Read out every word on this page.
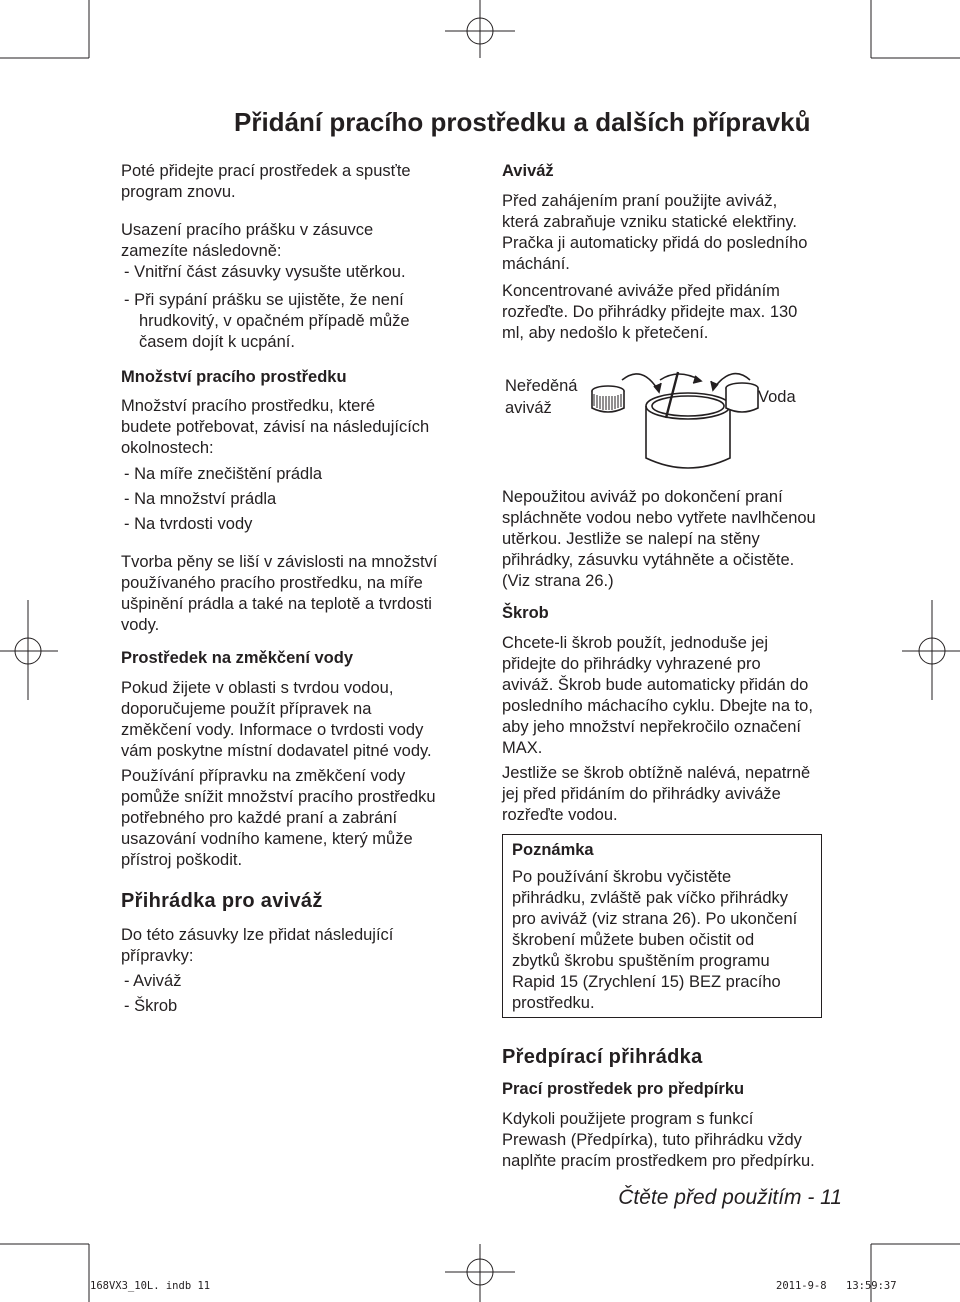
Přidání pracího prostředku a dalších přípravků
Neředěná
aviváž
Voda
Čtěte před použitím - 11
168VX3_10L. indb 11	2011-9-8 13:59:37
Poté přidejte prací prostředek a spusťte
program znovu.
Usazení pracího prášku v zásuvce
zamezíte následovně:
- Vnitřní část zásuvky vysušte utěrkou.
- Při sypání prášku se ujistěte, že není
hrudkovitý, v opačném případě může
časem dojít k ucpání.
Množství pracího prostředku
Množství pracího prostředku, které
budete potřebovat, závisí na následujících
okolnostech:
- Na míře znečištění prádla
- Na množství prádla
- Na tvrdosti vody
Tvorba pěny se liší v závislosti na množství
používaného pracího prostředku, na míře
ušpinění prádla a také na teplotě a tvrdosti
vody.
Prostředek na změkčení vody
Pokud žijete v oblasti s tvrdou vodou,
doporučujeme použít přípravek na
změkčení vody. Informace o tvrdosti vody
vám poskytne místní dodavatel pitné vody.
Používání přípravku na změkčení vody
pomůže snížit množství pracího prostředku
potřebného pro každé praní a zabrání
usazování vodního kamene, který může
přístroj poškodit.
Přihrádka pro aviváž
Do této zásuvky lze přidat následující
přípravky:
- Aviváž
- Škrob
Aviváž
Před zahájením praní použijte aviváž,
která zabraňuje vzniku statické elektřiny.
Pračka ji automaticky přidá do posledního
máchání.
Koncentrované aviváže před přidáním
rozřeďte. Do přihrádky přidejte max. 130
ml, aby nedošlo k přetečení.
Nepoužitou aviváž po dokončení praní
spláchněte vodou nebo vytřete navlhčenou
utěrkou. Jestliže se nalepí na stěny
přihrádky, zásuvku vytáhněte a očistěte.
(Viz strana 26.)
Škrob
Chcete-li škrob použít, jednoduše jej
přidejte do přihrádky vyhrazené pro
aviváž. Škrob bude automaticky přidán do
posledního máchacího cyklu. Dbejte na to,
aby jeho množství nepřekročilo označení
MAX.
Jestliže se škrob obtížně nalévá, nepatrně
jej před přidáním do přihrádky aviváže
rozřeďte vodou.
Poznámka
Po používání škrobu vyčistěte
přihrádku, zvláště pak víčko přihrádky
pro aviváž (viz strana 26). Po ukončení
škrobení můžete buben očistit od
zbytků škrobu spuštěním programu
Rapid 15 (Zrychlení 15) BEZ pracího
prostředku.
Předpírací přihrádka
Prací prostředek pro předpírku
Kdykoli použijete program s funkcí
Prewash (Předpírka), tuto přihrádku vždy
naplňte pracím prostředkem pro předpírku.
